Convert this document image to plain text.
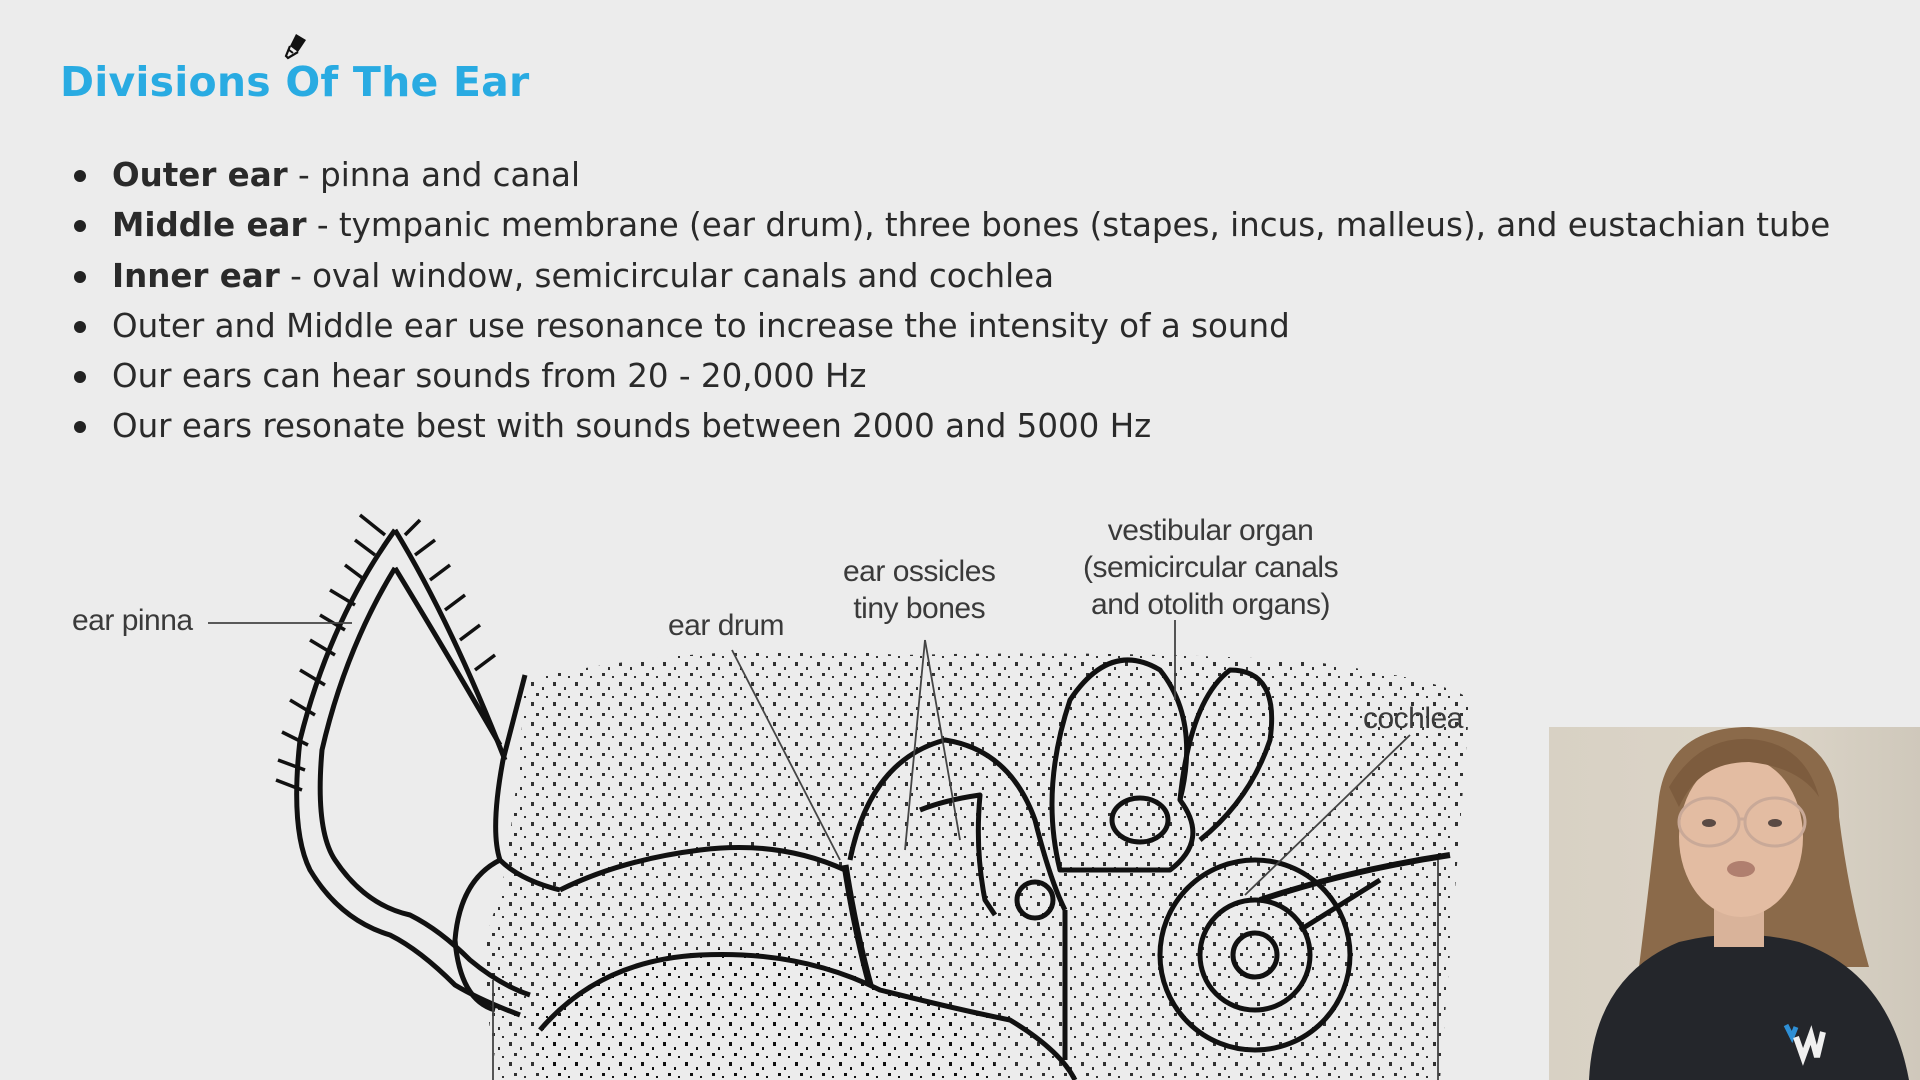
Divisions Of The Ear
Outer ear - pinna and canal
Middle ear - tympanic membrane (ear drum), three bones (stapes, incus, malleus), and eustachian tube
Inner ear - oval window, semicircular canals and cochlea
Outer and Middle ear use resonance to increase the intensity of a sound
Our ears can hear sounds from 20 - 20,000 Hz
Our ears resonate best with sounds between 2000 and 5000 Hz
ear pinna	ear drum
ear ossicles
tiny bones
vestibular organ
(semicircular canals
and otolith organs)
cochlea
